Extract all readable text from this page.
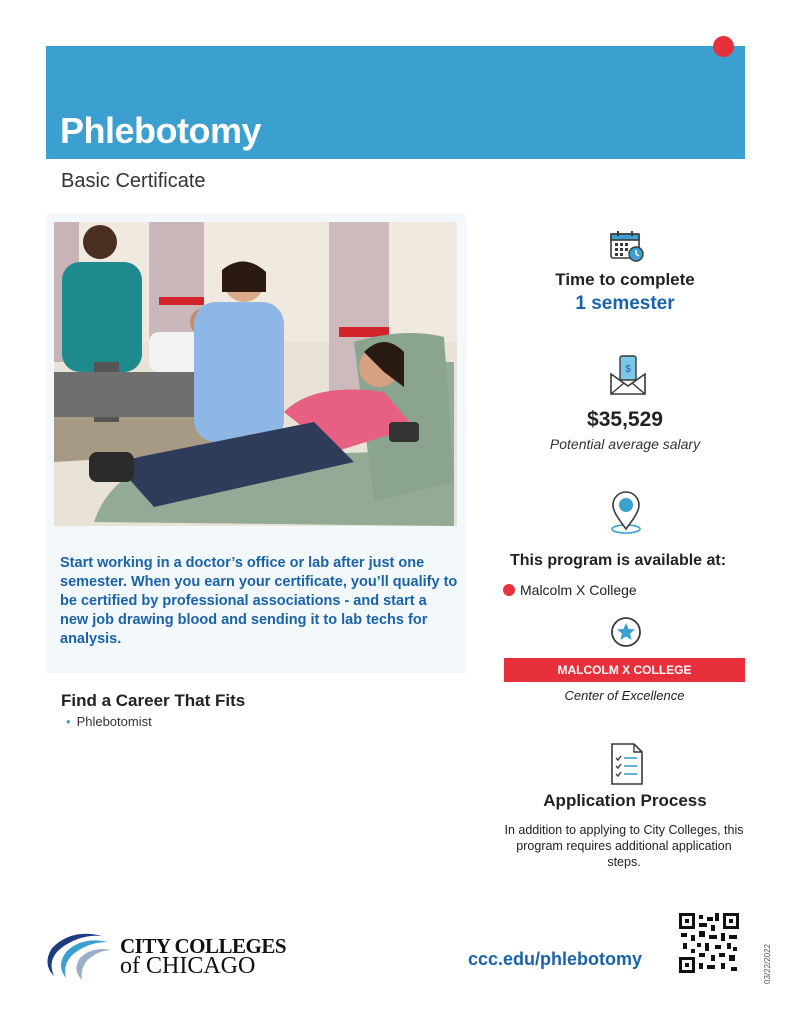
Phlebotomy
Basic Certificate
Start working in a doctor’s office or lab after just one semester. When you earn your certificate, you’ll qualify to be certified by professional associations - and start a new job drawing blood and sending it to lab techs for analysis.
Find a Career That Fits
• Phlebotomist
Time to complete
1 semester
$
$35,529
Potential average salary
This program is available at:
Malcolm X College
MALCOLM X COLLEGE
Center of Excellence
Application Process
In addition to applying to City Colleges, this program requires additional application steps.
CITY COLLEGES
of CHICAGO	ccc.edu/phlebotomy	03/22/2022
